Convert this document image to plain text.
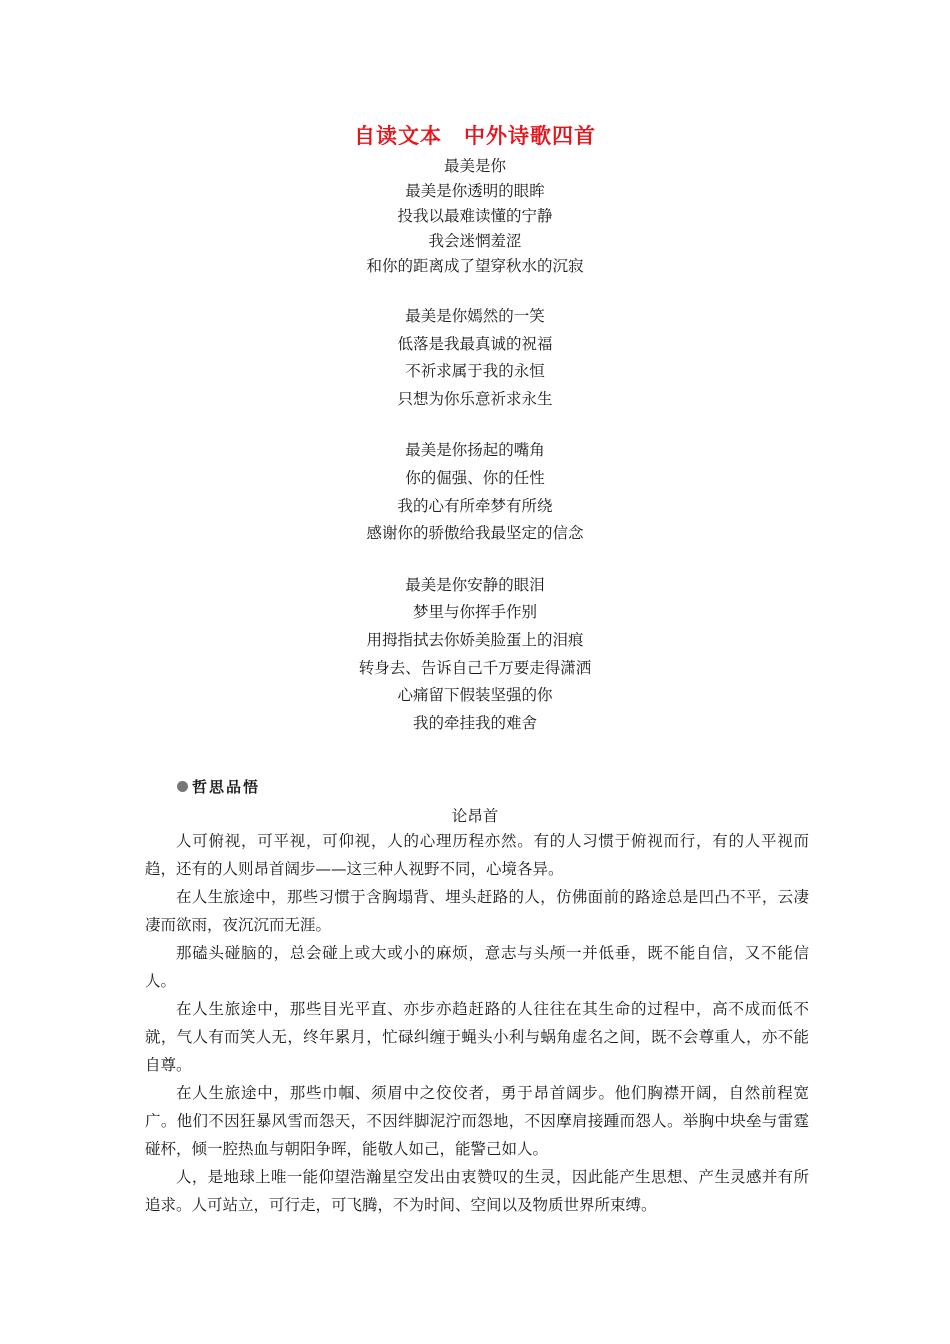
自读文本　中外诗歌四首
最美是你
最美是你透明的眼眸
投我以最难读懂的宁静
我会迷惘羞涩
和你的距离成了望穿秋水的沉寂
最美是你嫣然的一笑
低落是我最真诚的祝福
不祈求属于我的永恒
只想为你乐意祈求永生
最美是你扬起的嘴角
你的倔强、你的任性
我的心有所牵梦有所绕
感谢你的骄傲给我最坚定的信念
最美是你安静的眼泪
梦里与你挥手作别
用拇指拭去你娇美脸蛋上的泪痕
转身去、告诉自己千万要走得潇洒
心痛留下假装坚强的你
我的牵挂我的难舍
哲思品悟
论昂首

人可俯视，可平视，可仰视，人的心理历程亦然。有的人习惯于俯视而行，有的人平视而趋，还有的人则昂首阔步——这三种人视野不同，心境各异。

在人生旅途中，那些习惯于含胸塌背、埋头赶路的人，仿佛面前的路途总是凹凸不平，云凄凄而欲雨，夜沉沉而无涯。

那磕头碰脑的，总会碰上或大或小的麻烦，意志与头颅一并低垂，既不能自信，又不能信人。

在人生旅途中，那些目光平直、亦步亦趋赶路的人往往在其生命的过程中，高不成而低不就，气人有而笑人无，终年累月，忙碌纠缠于蝇头小利与蜗角虚名之间，既不会尊重人，亦不能自尊。

在人生旅途中，那些巾帼、须眉中之佼佼者，勇于昂首阔步。他们胸襟开阔，自然前程宽广。他们不因狂暴风雪而怨天，不因绊脚泥泞而怨地，不因摩肩接踵而怨人。举胸中块垒与雷霆碰杯，倾一腔热血与朝阳争晖，能敬人如己，能警己如人。

人，是地球上唯一能仰望浩瀚星空发出由衷赞叹的生灵，因此能产生思想、产生灵感并有所追求。人可站立，可行走，可飞腾，不为时间、空间以及物质世界所束缚。
